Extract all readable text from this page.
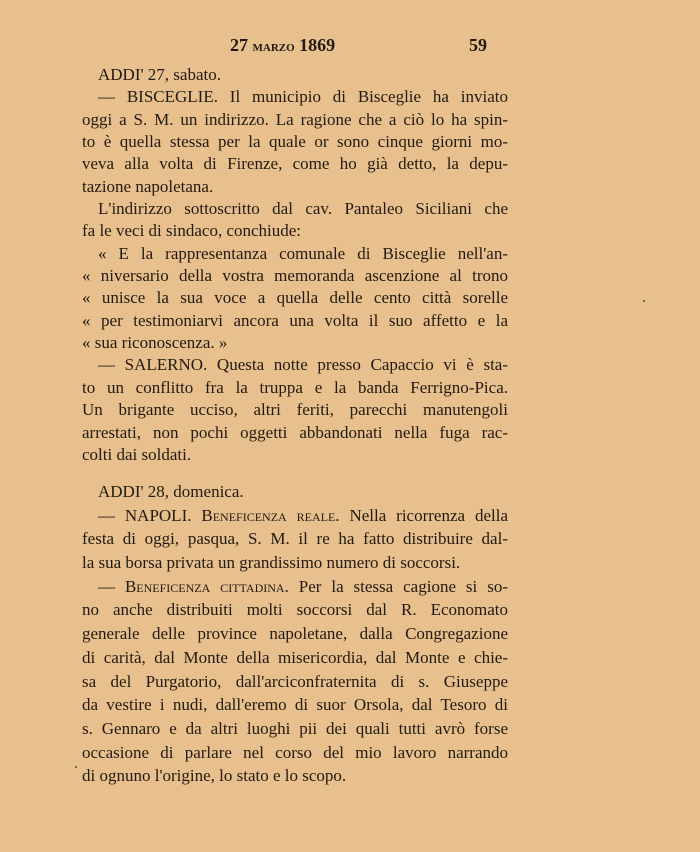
27 marzo 1869	59
ADDI' 27, sabato.
— BISCEGLIE. Il municipio di Bisceglie ha inviato
oggi a S. M. un indirizzo. La ragione che a ciò lo ha spin-
to è quella stessa per la quale or sono cinque giorni mo-
veva alla volta di Firenze, come ho già detto, la depu-
tazione napoletana.
L'indirizzo sottoscritto dal cav. Pantaleo Siciliani che
fa le veci di sindaco, conchiude:
« E la rappresentanza comunale di Bisceglie nell'an-
« niversario della vostra memoranda ascenzione al trono
« unisce la sua voce a quella delle cento città sorelle
« per testimoniarvi ancora una volta il suo affetto e la
« sua riconoscenza. »
— SALERNO. Questa notte presso Capaccio vi è sta-
to un conflitto fra la truppa e la banda Ferrigno-Pica.
Un brigante ucciso, altri feriti, parecchi manutengoli
arrestati, non pochi oggetti abbandonati nella fuga rac-
colti dai soldati.
ADDI' 28, domenica.
— NAPOLI. Beneficenza reale. Nella ricorrenza della
festa di oggi, pasqua, S. M. il re ha fatto distribuire dal-
la sua borsa privata un grandissimo numero di soccorsi.
— Beneficenza cittadina. Per la stessa cagione si so-
no anche distribuiti molti soccorsi dal R. Economato
generale delle province napoletane, dalla Congregazione
di carità, dal Monte della misericordia, dal Monte e chie-
sa del Purgatorio, dall'arciconfraternita di s. Giuseppe
da vestire i nudi, dall'eremo di suor Orsola, dal Tesoro di
s. Gennaro e da altri luoghi pii dei quali tutti avrò forse
occasione di parlare nel corso del mio lavoro narrando
di ognuno l'origine, lo stato e lo scopo.
